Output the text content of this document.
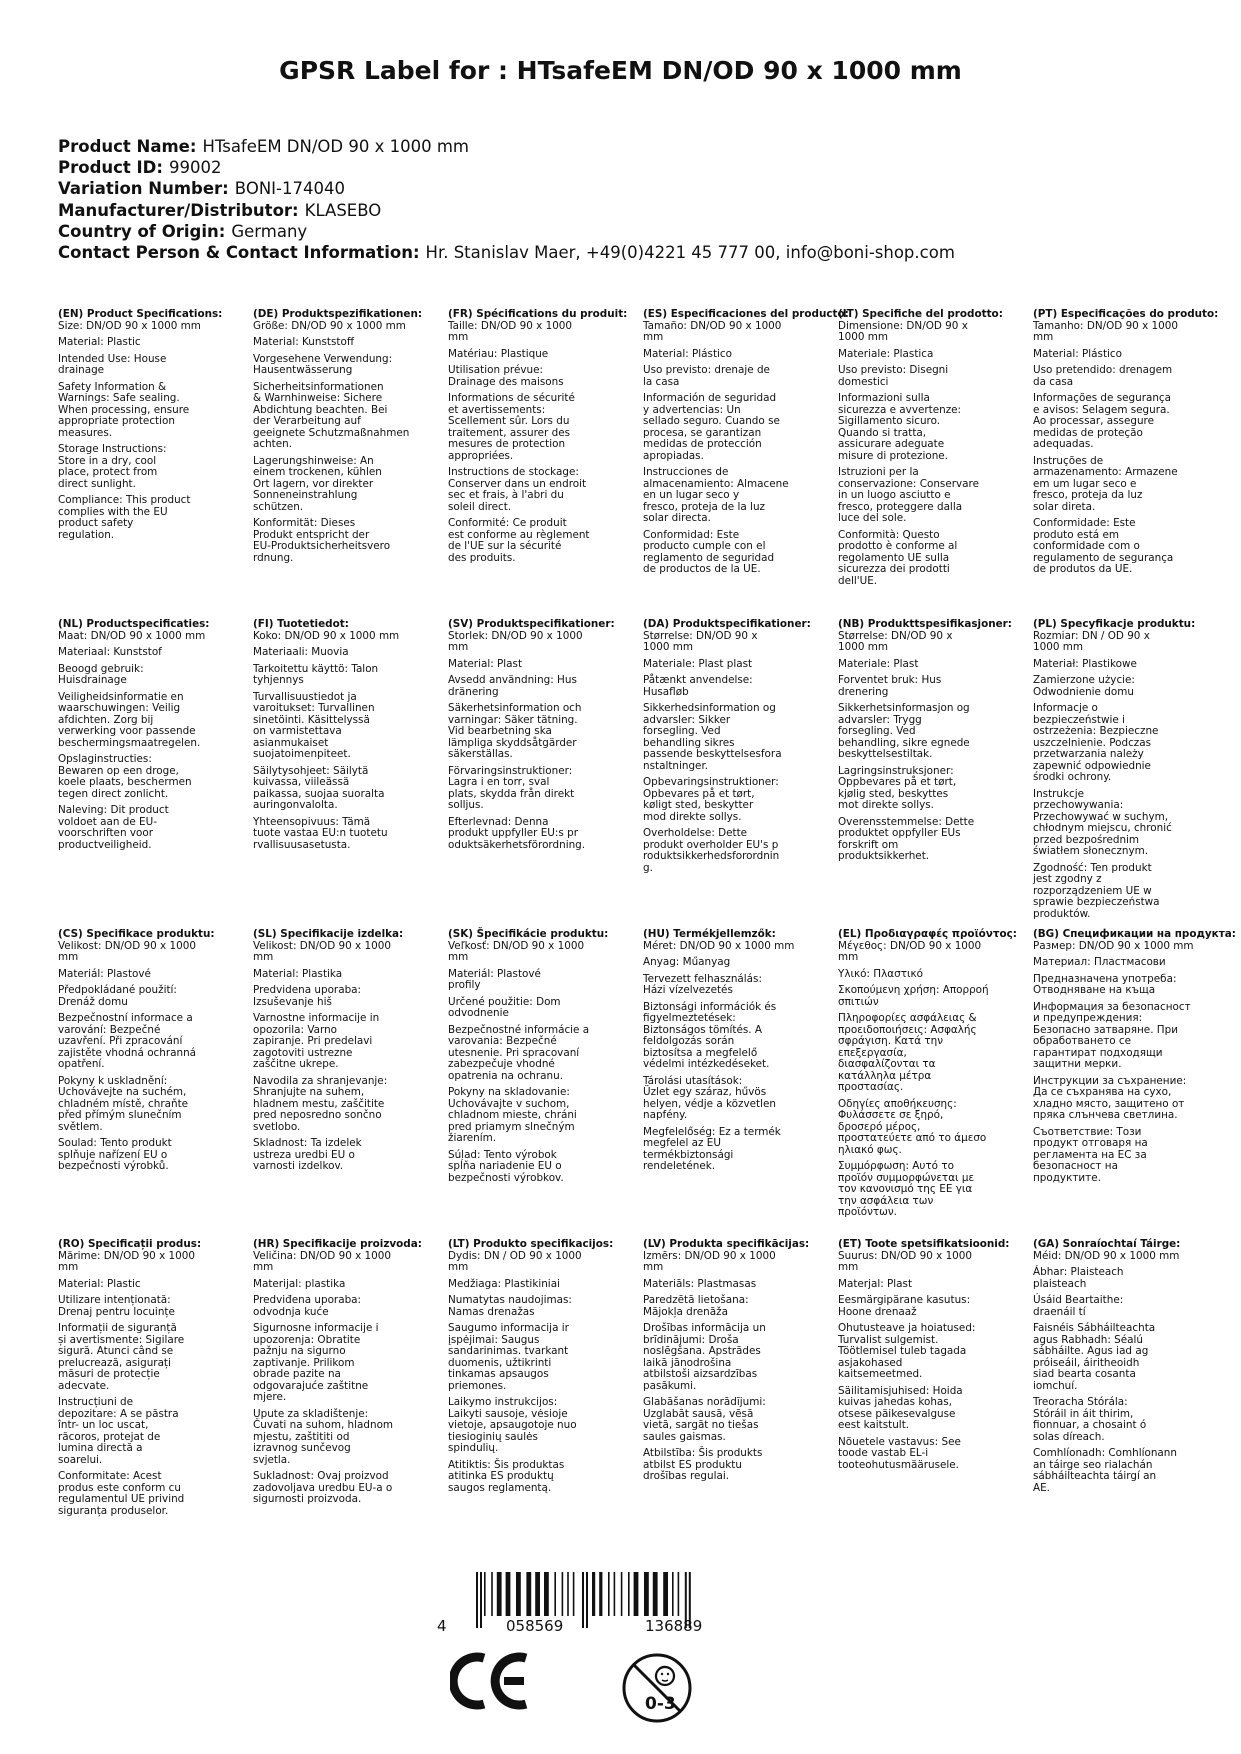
GPSR Label for : HTsafeEM DN/OD 90 x 1000 mm
Product Name: HTsafeEM DN/OD 90 x 1000 mm
Product ID: 99002
Variation Number: BONI-174040
Manufacturer/Distributor: KLASEBO
Country of Origin: Germany
Contact Person & Contact Information: Hr. Stanislav Maer, +49(0)4221 45 777 00, info@boni-shop.com
(EN) Product Specifications:
Size: DN/OD 90 x 1000 mm
Material: Plastic
Intended Use: House
drainage
Safety Information &
Warnings: Safe sealing.
When processing, ensure
appropriate protection
measures.
Storage Instructions:
Store in a dry, cool
place, protect from
direct sunlight.
Compliance: This product
complies with the EU
product safety
regulation.
(DE) Produktspezifikationen:
Größe: DN/OD 90 x 1000 mm
Material: Kunststoff
Vorgesehene Verwendung:
Hausentwässerung
Sicherheitsinformationen
& Warnhinweise: Sichere
Abdichtung beachten. Bei
der Verarbeitung auf
geeignete Schutzmaßnahmen
achten.
Lagerungshinweise: An
einem trockenen, kühlen
Ort lagern, vor direkter
Sonneneinstrahlung
schützen.
Konformität: Dieses
Produkt entspricht der
EU-Produktsicherheitsvero
rdnung.
(FR) Spécifications du produit:
Taille: DN/OD 90 x 1000
mm
Matériau: Plastique
Utilisation prévue:
Drainage des maisons
Informations de sécurité
et avertissements:
Scellement sûr. Lors du
traitement, assurer des
mesures de protection
appropriées.
Instructions de stockage:
Conserver dans un endroit
sec et frais, à l'abri du
soleil direct.
Conformité: Ce produit
est conforme au règlement
de l'UE sur la sécurité
des produits.
(ES) Especificaciones del producto:
Tamaño: DN/OD 90 x 1000
mm
Material: Plástico
Uso previsto: drenaje de
la casa
Información de seguridad
y advertencias: Un
sellado seguro. Cuando se
procesa, se garantizan
medidas de protección
apropiadas.
Instrucciones de
almacenamiento: Almacene
en un lugar seco y
fresco, proteja de la luz
solar directa.
Conformidad: Este
producto cumple con el
reglamento de seguridad
de productos de la UE.
(IT) Specifiche del prodotto:
Dimensione: DN/OD 90 x
1000 mm
Materiale: Plastica
Uso previsto: Disegni
domestici
Informazioni sulla
sicurezza e avvertenze:
Sigillamento sicuro.
Quando si tratta,
assicurare adeguate
misure di protezione.
Istruzioni per la
conservazione: Conservare
in un luogo asciutto e
fresco, proteggere dalla
luce del sole.
Conformità: Questo
prodotto è conforme al
regolamento UE sulla
sicurezza dei prodotti
dell'UE.
(PT) Especificações do produto:
Tamanho: DN/OD 90 x 1000
mm
Material: Plástico
Uso pretendido: drenagem
da casa
Informações de segurança
e avisos: Selagem segura.
Ao processar, assegure
medidas de proteção
adequadas.
Instruções de
armazenamento: Armazene
em um lugar seco e
fresco, proteja da luz
solar direta.
Conformidade: Este
produto está em
conformidade com o
regulamento de segurança
de produtos da UE.
(NL) Productspecificaties:
Maat: DN/OD 90 x 1000 mm
Materiaal: Kunststof
Beoogd gebruik:
Huisdrainage
Veiligheidsinformatie en
waarschuwingen: Veilig
afdichten. Zorg bij
verwerking voor passende
beschermingsmaatregelen.
Opslaginstructies:
Bewaren op een droge,
koele plaats, beschermen
tegen direct zonlicht.
Naleving: Dit product
voldoet aan de EU-
voorschriften voor
productveiligheid.
(FI) Tuotetiedot:
Koko: DN/OD 90 x 1000 mm
Materiaali: Muovia
Tarkoitettu käyttö: Talon
tyhjennys
Turvallisuustiedot ja
varoitukset: Turvallinen
sinetöinti. Käsittelyssä
on varmistettava
asianmukaiset
suojatoimenpiteet.
Säilytysohjeet: Säilytä
kuivassa, viileässä
paikassa, suojaa suoralta
auringonvalolta.
Yhteensopivuus: Tämä
tuote vastaa EU:n tuotetu
rvallisuusasetusta.
(SV) Produktspecifikationer:
Storlek: DN/OD 90 x 1000
mm
Material: Plast
Avsedd användning: Hus
dränering
Säkerhetsinformation och
varningar: Säker tätning.
Vid bearbetning ska
lämpliga skyddsåtgärder
säkerställas.
Förvaringsinstruktioner:
Lagra i en torr, sval
plats, skydda från direkt
solljus.
Efterlevnad: Denna
produkt uppfyller EU:s pr
oduktsäkerhetsförordning.
(DA) Produktspecifikationer:
Størrelse: DN/OD 90 x
1000 mm
Materiale: Plast plast
Påtænkt anvendelse:
Husafløb
Sikkerhedsinformation og
advarsler: Sikker
forsegling. Ved
behandling sikres
passende beskyttelsesfora
nstaltninger.
Opbevaringsinstruktioner:
Opbevares på et tørt,
køligt sted, beskytter
mod direkte sollys.
Overholdelse: Dette
produkt overholder EU's p
roduktsikkerhedsforordnin
g.
(NB) Produkttspesifikasjoner:
Størrelse: DN/OD 90 x
1000 mm
Materiale: Plast
Forventet bruk: Hus
drenering
Sikkerhetsinformasjon og
advarsler: Trygg
forsegling. Ved
behandling, sikre egnede
beskyttelsestiltak.
Lagringsinstruksjoner:
Oppbevares på et tørt,
kjølig sted, beskyttes
mot direkte sollys.
Overensstemmelse: Dette
produktet oppfyller EUs
forskrift om
produktsikkerhet.
(PL) Specyfikacje produktu:
Rozmiar: DN / OD 90 x
1000 mm
Materiał: Plastikowe
Zamierzone użycie:
Odwodnienie domu
Informacje o
bezpieczeństwie i
ostrzeżenia: Bezpieczne
uszczelnienie. Podczas
przetwarzania należy
zapewnić odpowiednie
środki ochrony.
Instrukcje
przechowywania:
Przechowywać w suchym,
chłodnym miejscu, chronić
przed bezpośrednim
światłem słonecznym.
Zgodność: Ten produkt
jest zgodny z
rozporządzeniem UE w
sprawie bezpieczeństwa
produktów.
(CS) Specifikace produktu:
Velikost: DN/OD 90 x 1000
mm
Materiál: Plastové
Předpokládané použití:
Drenáž domu
Bezpečnostní informace a
varování: Bezpečné
uzavření. Při zpracování
zajistěte vhodná ochranná
opatření.
Pokyny k uskladnění:
Uchovávejte na suchém,
chladném místě, chraňte
před přímým slunečním
světlem.
Soulad: Tento produkt
splňuje nařízení EU o
bezpečnosti výrobků.
(SL) Specifikacije izdelka:
Velikost: DN/OD 90 x 1000
mm
Material: Plastika
Predvidena uporaba:
Izsuševanje hiš
Varnostne informacije in
opozorila: Varno
zapiranje. Pri predelavi
zagotoviti ustrezne
zaščitne ukrepe.
Navodila za shranjevanje:
Shranjujte na suhem,
hladnem mestu, zaščitite
pred neposredno sončno
svetlobo.
Skladnost: Ta izdelek
ustreza uredbi EU o
varnosti izdelkov.
(SK) Špecifikácie produktu:
Veľkosť: DN/OD 90 x 1000
mm
Materiál: Plastové
profily
Určené použitie: Dom
odvodnenie
Bezpečnostné informácie a
varovania: Bezpečné
utesnenie. Pri spracovaní
zabezpečuje vhodné
opatrenia na ochranu.
Pokyny na skladovanie:
Uchovávajte v suchom,
chladnom mieste, chráni
pred priamym slnečným
žiarením.
Súlad: Tento výrobok
spĺňa nariadenie EU o
bezpečnosti výrobkov.
(HU) Termékjellemzők:
Méret: DN/OD 90 x 1000 mm
Anyag: Műanyag
Tervezett felhasználás:
Házi vízelvezetés
Biztonsági információk és
figyelmeztetések:
Biztonságos tömítés. A
feldolgozás során
biztosítsa a megfelelő
védelmi intézkedéseket.
Tárolási utasítások:
Üzlet egy száraz, hűvös
helyen, védje a közvetlen
napfény.
Megfelelőség: Ez a termék
megfelel az EU
termékbiztonsági
rendeletének.
(EL) Προδιαγραφές προϊόντος:
Μέγεθος: DN/OD 90 x 1000
mm
Υλικό: Πλαστικό
Σκοπούμενη χρήση: Απορροή
σπιτιών
Πληροφορίες ασφάλειας &
προειδοποιήσεις: Ασφαλής
σφράγιση. Κατά την
επεξεργασία,
διασφαλίζονται τα
κατάλληλα μέτρα
προστασίας.
Οδηγίες αποθήκευσης:
Φυλάσσετε σε ξηρό,
δροσερό μέρος,
προστατεύετε από το άμεσο
ηλιακό φως.
Συμμόρφωση: Αυτό το
προϊόν συμμορφώνεται με
τον κανονισμό της ΕΕ για
την ασφάλεια των
προϊόντων.
(BG) Спецификации на продукта:
Размер: DN/OD 90 x 1000 mm
Материал: Пластмасови
Предназначена употреба:
Отводняване на къща
Информация за безопасност
и предупреждения:
Безопасно затваряне. При
обработването се
гарантират подходящи
защитни мерки.
Инструкции за съхранение:
Да се съхранява на сухо,
хладно място, защитено от
пряка слънчева светлина.
Съответствие: Този
продукт отговаря на
регламента на ЕС за
безопасност на
продуктите.
(RO) Specificații produs:
Mărime: DN/OD 90 x 1000
mm
Material: Plastic
Utilizare intenționată:
Drenaj pentru locuințe
Informații de siguranță
și avertismente: Sigilare
sigură. Atunci când se
prelucrează, asigurați
măsuri de protecție
adecvate.
Instrucțiuni de
depozitare: A se păstra
într- un loc uscat,
răcoros, protejat de
lumina directă a
soarelui.
Conformitate: Acest
produs este conform cu
regulamentul UE privind
siguranța produselor.
(HR) Specifikacije proizvoda:
Veličina: DN/OD 90 x 1000
mm
Materijal: plastika
Predviđena uporaba:
odvodnja kuće
Sigurnosne informacije i
upozorenja: Obratite
pažnju na sigurno
zaptivanje. Prilikom
obrade pazite na
odgovarajuće zaštitne
mjere.
Upute za skladištenje:
Čuvati na suhom, hladnom
mjestu, zaštititi od
izravnog sunčevog
svjetla.
Sukladnost: Ovaj proizvod
zadovoljava uredbu EU-a o
sigurnosti proizvoda.
(LT) Produkto specifikacijos:
Dydis: DN / OD 90 x 1000
mm
Medžiaga: Plastikiniai
Numatytas naudojimas:
Namas drenažas
Saugumo informacija ir
įspėjimai: Saugus
sandarinimas. tvarkant
duomenis, užtikrinti
tinkamas apsaugos
priemones.
Laikymo instrukcijos:
Laikyti sausoje, vėsioje
vietoje, apsaugotoje nuo
tiesioginių saulės
spindulių.
Atitiktis: Šis produktas
atitinka ES produktų
saugos reglamentą.
(LV) Produkta specifikācijas:
Izmērs: DN/OD 90 x 1000
mm
Materiāls: Plastmasas
Paredzētā lietošana:
Mājokļa drenāža
Drošības informācija un
brīdinājumi: Droša
noslēgšana. Apstrādes
laikā jānodrošina
atbilstoši aizsardzības
pasākumi.
Glabāšanas norādījumi:
Uzglabāt sausā, vēsā
vietā, sargāt no tiešas
saules gaismas.
Atbilstība: Šis produkts
atbilst ES produktu
drošības regulai.
(ET) Toote spetsifikatsioonid:
Suurus: DN/OD 90 x 1000
mm
Materjal: Plast
Eesmärgipärane kasutus:
Hoone drenaaž
Ohutusteave ja hoiatused:
Turvalist sulgemist.
Töötlemisel tuleb tagada
asjakohased
kaitsemeetmed.
Säilitamisjuhised: Hoida
kuivas jahedas kohas,
otsese päikesevalguse
eest kaitstult.
Nõuetele vastavus: See
toode vastab EL-i
tooteohutusmäärusele.
(GA) Sonraíochtaí Táirge:
Méid: DN/OD 90 x 1000 mm
Ábhar: Plaisteach
plaisteach
Úsáid Beartaithe:
draenáil tí
Faisnéis Sábháilteachta
agus Rabhadh: Séalú
sábháilte. Agus iad ag
próiseáil, áiritheoidh
siad bearta cosanta
iomchuí.
Treoracha Stórála:
Stóráil in áit thirim,
fionnuar, a chosaint ó
solas díreach.
Comhlíonadh: Comhlíonann
an táirge seo rialachán
sábháilteachta táirgí an
AE.
4	058569	136889
0-3
